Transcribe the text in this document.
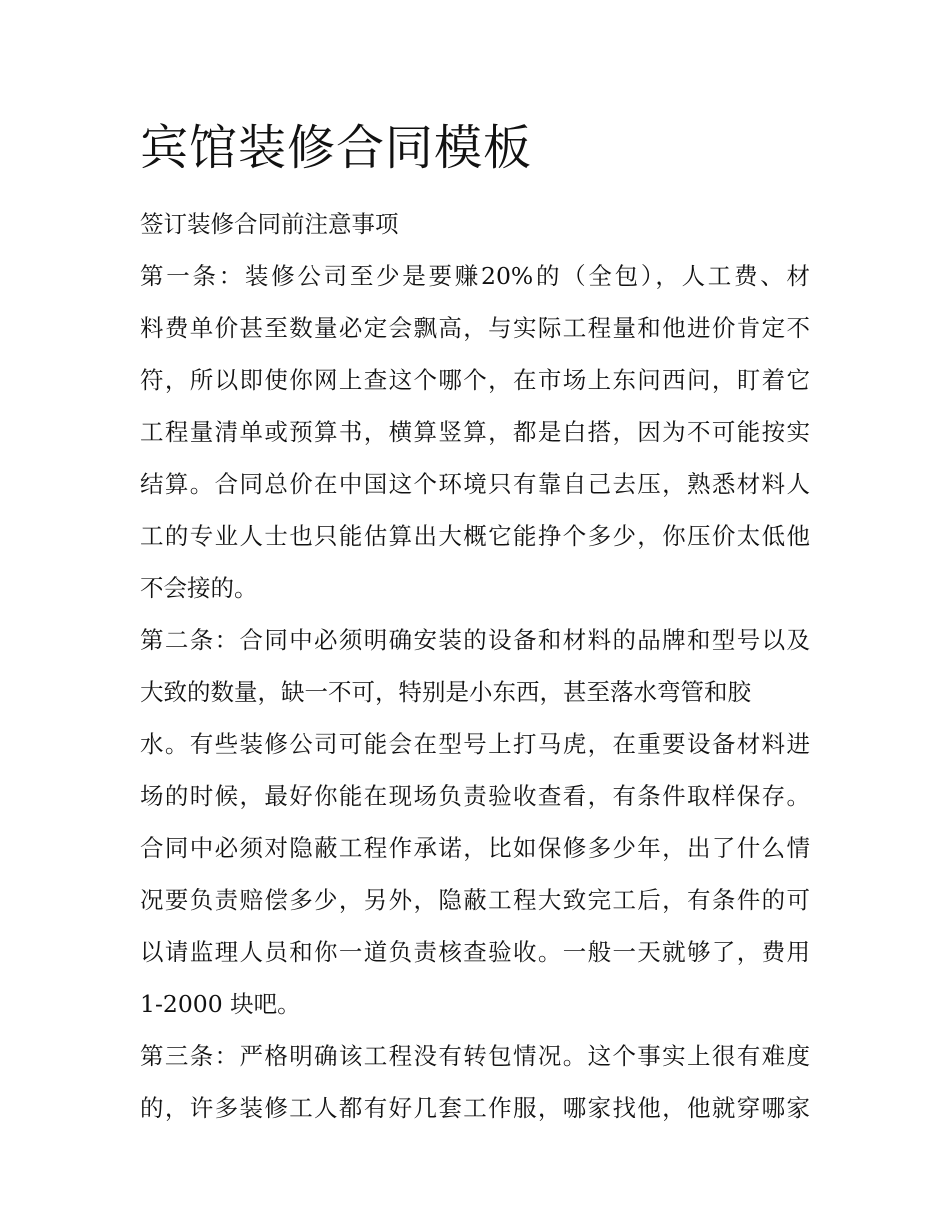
宾馆装修合同模板

签订装修合同前注意事项

第一条：装修公司至少是要赚20%的（全包），人工费、材

料费单价甚至数量必定会飘高，与实际工程量和他进价肯定不

符，所以即使你网上查这个哪个，在市场上东问西问，盯着它

工程量清单或预算书，横算竖算，都是白搭，因为不可能按实

结算。合同总价在中国这个环境只有靠自己去压，熟悉材料人

工的专业人士也只能估算出大概它能挣个多少，你压价太低他

不会接的。

第二条：合同中必须明确安装的设备和材料的品牌和型号以及

大致的数量，缺一不可，特别是小东西，甚至落水弯管和胶

水。有些装修公司可能会在型号上打马虎，在重要设备材料进

场的时候，最好你能在现场负责验收查看，有条件取样保存。

合同中必须对隐蔽工程作承诺，比如保修多少年，出了什么情

况要负责赔偿多少，另外，隐蔽工程大致完工后，有条件的可

以请监理人员和你一道负责核查验收。一般一天就够了，费用

1-2000 块吧。

第三条：严格明确该工程没有转包情况。这个事实上很有难度

的，许多装修工人都有好几套工作服，哪家找他，他就穿哪家
